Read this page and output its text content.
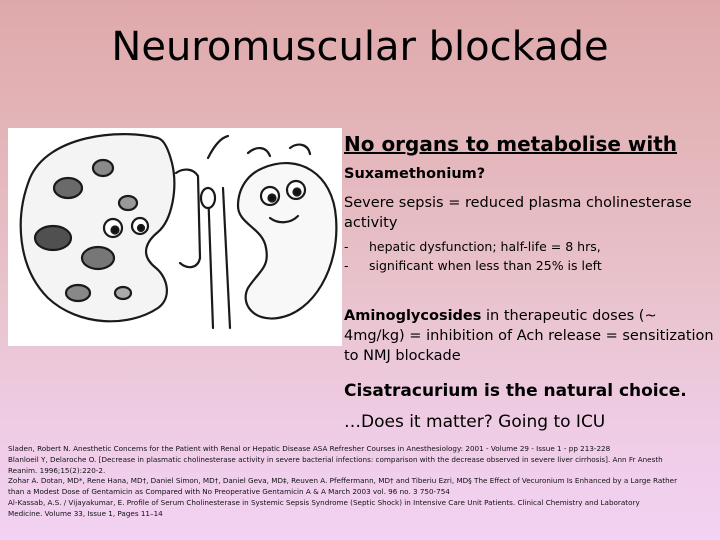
Neuromuscular blockade
No organs to metabolise with
Suxamethonium?
Severe sepsis = reduced plasma cholinesterase activity
- hepatic dysfunction; half-life = 8 hrs,
- significant when less than 25% is left
Aminoglycosides in therapeutic doses (~ 4mg/kg) = inhibition of Ach release = sensitization to NMJ blockade
Cisatracurium is the natural choice.
…Does it matter? Going to ICU

Sladen, Robert N. Anesthetic Concerns for the Patient with Renal or Hepatic Disease ASA Refresher Courses in Anesthesiology: 2001 - Volume 29 - Issue 1 - pp 213-228

Blanloeil Y, Delaroche O. [Decrease in plasmatic cholinesterase activity in severe bacterial infections: comparison with the decrease observed in severe liver cirrhosis]. Ann Fr Anesth

Reanim. 1996;15(2):220-2.

Zohar A. Dotan, MD*, Rene Hana, MD†, Daniel Simon, MD†, Daniel Geva, MD‡, Reuven A. Pfeffermann, MD† and Tiberiu Ezri, MD§ The Effect of Vecuronium Is Enhanced by a Large Rather

than a Modest Dose of Gentamicin as Compared with No Preoperative Gentamicin A & A March 2003 vol. 96 no. 3 750-754

Al-Kassab, A.S. / Vijayakumar, E. Profile of Serum Cholinesterase in Systemic Sepsis Syndrome (Septic Shock) in Intensive Care Unit Patients. Clinical Chemistry and Laboratory

Medicine. Volume 33, Issue 1, Pages 11–14
